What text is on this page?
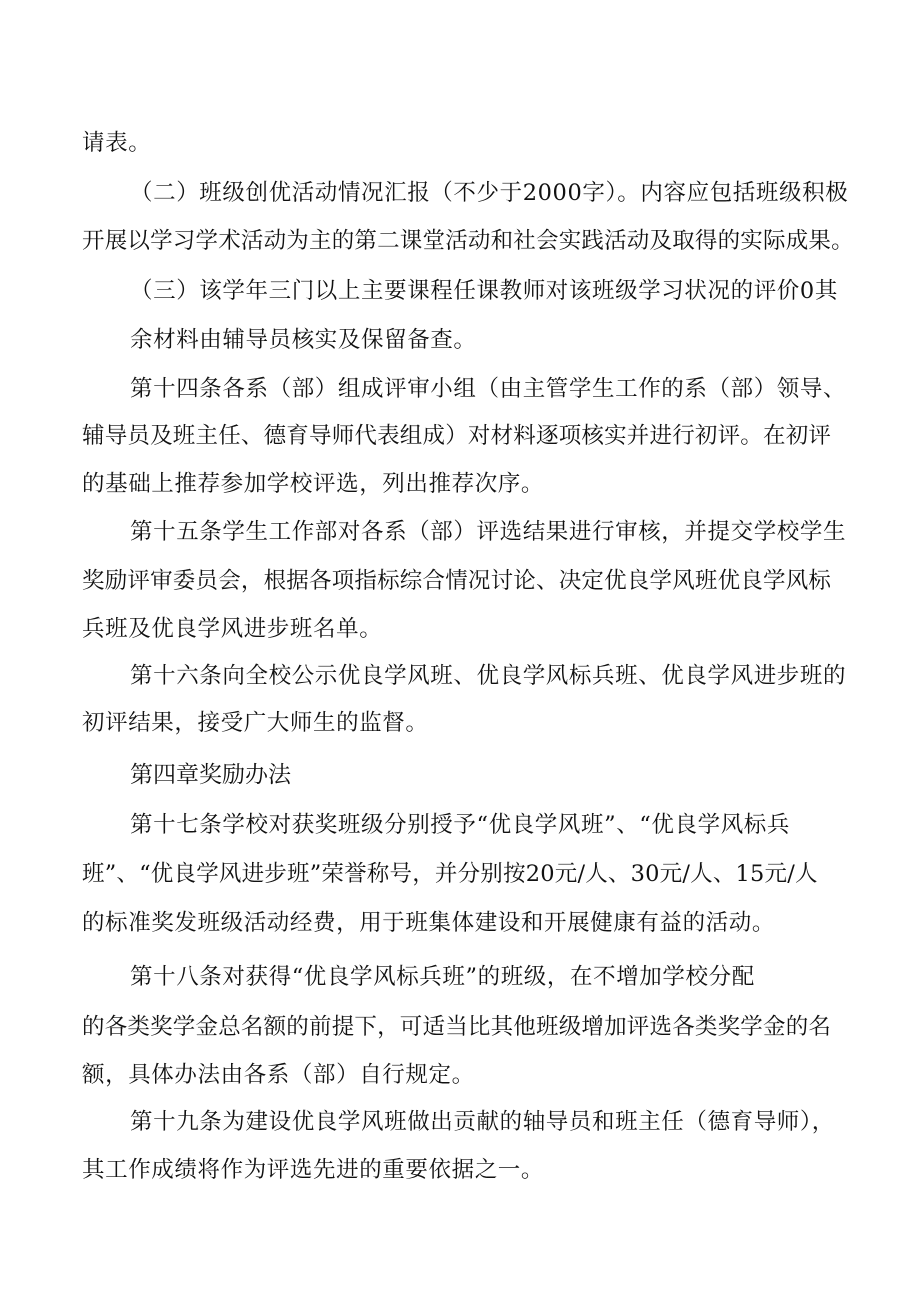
请表。
（二）班级创优活动情况汇报（不少于2000字）。内容应包括班级积极
开展以学习学术活动为主的第二课堂活动和社会实践活动及取得的实际成果。
（三）该学年三门以上主要课程任课教师对该班级学习状况的评价0其
余材料由辅导员核实及保留备查。
第十四条各系（部）组成评审小组（由主管学生工作的系（部）领导、
辅导员及班主任、德育导师代表组成）对材料逐项核实并进行初评。在初评
的基础上推荐参加学校评选，列出推荐次序。
第十五条学生工作部对各系（部）评选结果进行审核，并提交学校学生
奖励评审委员会，根据各项指标综合情况讨论、决定优良学风班优良学风标
兵班及优良学风进步班名单。
第十六条向全校公示优良学风班、优良学风标兵班、优良学风进步班的
初评结果，接受广大师生的监督。
第四章奖励办法
第十七条学校对获奖班级分别授予“优良学风班”、“优良学风标兵
班”、“优良学风进步班”荣誉称号，并分别按20元/人、30元/人、15元/人
的标准奖发班级活动经费，用于班集体建设和开展健康有益的活动。
第十八条对获得“优良学风标兵班”的班级，在不增加学校分配
的各类奖学金总名额的前提下，可适当比其他班级增加评选各类奖学金的名
额，具体办法由各系（部）自行规定。
第十九条为建设优良学风班做出贡献的轴导员和班主任（德育导师），
其工作成绩将作为评选先进的重要依据之一。
